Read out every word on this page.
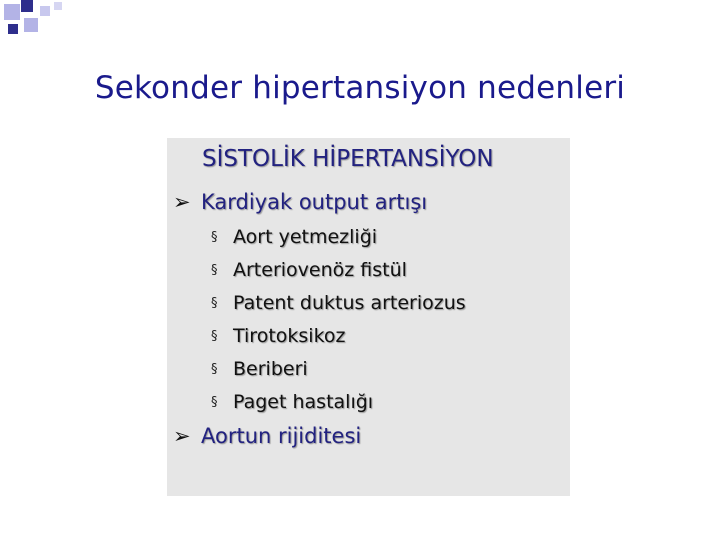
Sekonder hipertansiyon nedenleri
SİSTOLİK HİPERTANSİYON
➢ Kardiyak output artışı
§ Aort yetmezliği
§ Arteriovenöz fistül
§ Patent duktus arteriozus
§ Tirotoksikoz
§ Beriberi
§ Paget hastalığı
➢ Aortun rijiditesi
